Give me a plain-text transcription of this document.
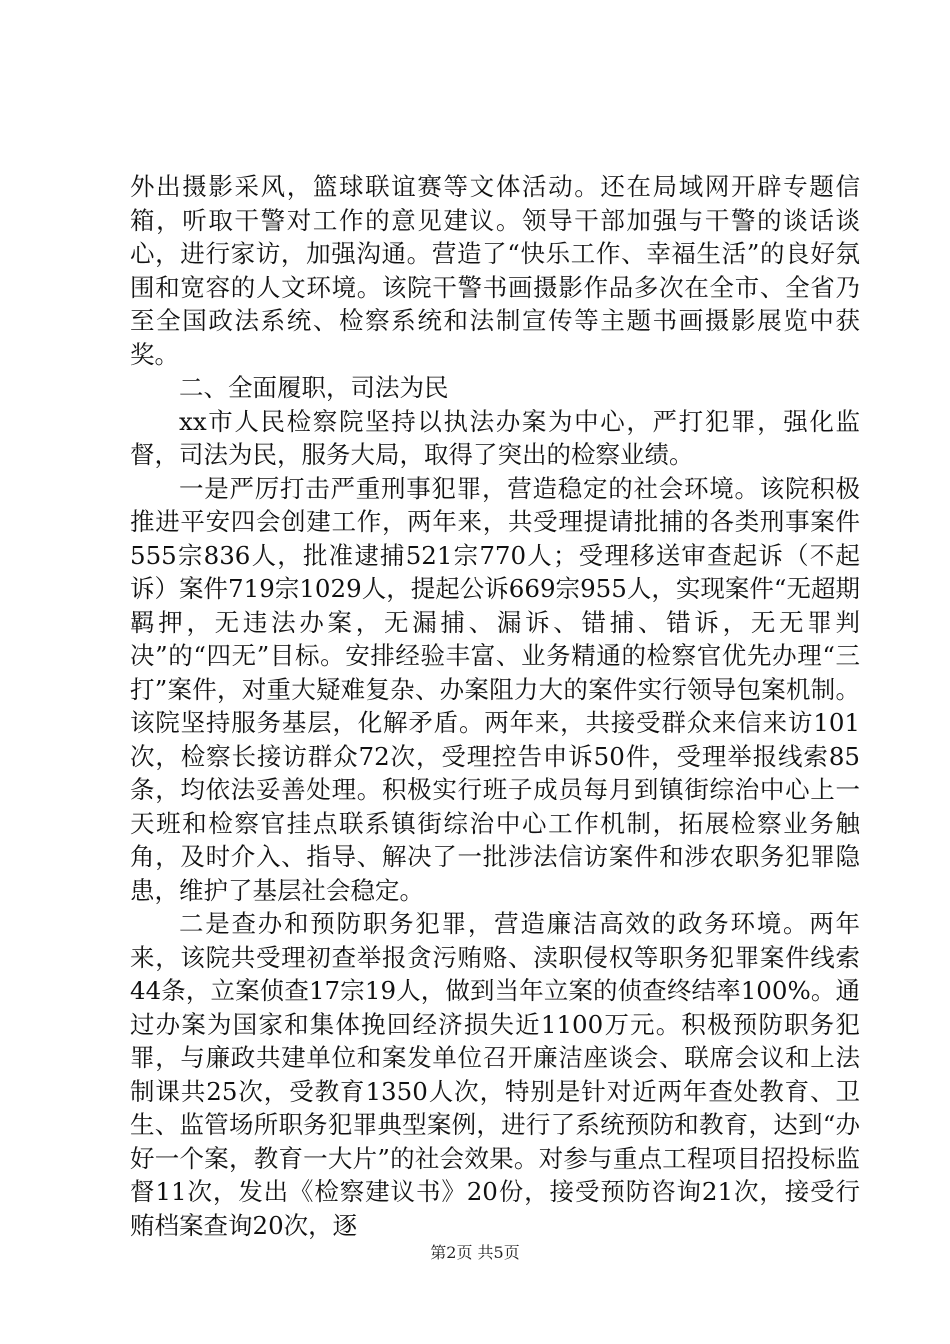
外出摄影采风，篮球联谊赛等文体活动。还在局域网开辟专题信箱，听取干警对工作的意见建议。领导干部加强与干警的谈话谈心，进行家访，加强沟通。营造了“快乐工作、幸福生活”的良好氛围和宽容的人文环境。该院干警书画摄影作品多次在全市、全省乃至全国政法系统、检察系统和法制宣传等主题书画摄影展览中获奖。

二、全面履职，司法为民

xx市人民检察院坚持以执法办案为中心，严打犯罪，强化监督，司法为民，服务大局，取得了突出的检察业绩。

一是严厉打击严重刑事犯罪，营造稳定的社会环境。该院积极推进平安四会创建工作，两年来，共受理提请批捕的各类刑事案件555宗836人，批准逮捕521宗770人；受理移送审查起诉（不起诉）案件719宗1029人，提起公诉669宗955人，实现案件“无超期羁押，无违法办案，无漏捕、漏诉、错捕、错诉，无无罪判决”的“四无”目标。安排经验丰富、业务精通的检察官优先办理“三打”案件，对重大疑难复杂、办案阻力大的案件实行领导包案机制。该院坚持服务基层，化解矛盾。两年来，共接受群众来信来访101次，检察长接访群众72次，受理控告申诉50件，受理举报线索85条，均依法妥善处理。积极实行班子成员每月到镇街综治中心上一天班和检察官挂点联系镇街综治中心工作机制，拓展检察业务触角，及时介入、指导、解决了一批涉法信访案件和涉农职务犯罪隐患，维护了基层社会稳定。

二是查办和预防职务犯罪，营造廉洁高效的政务环境。两年来，该院共受理初查举报贪污贿赂、渎职侵权等职务犯罪案件线索44条，立案侦查17宗19人，做到当年立案的侦查终结率100%。通过办案为国家和集体挽回经济损失近1100万元。积极预防职务犯罪，与廉政共建单位和案发单位召开廉洁座谈会、联席会议和上法制课共25次，受教育1350人次，特别是针对近两年查处教育、卫生、监管场所职务犯罪典型案例，进行了系统预防和教育，达到“办好一个案，教育一大片”的社会效果。对参与重点工程项目招投标监督11次，发出《检察建议书》20份，接受预防咨询21次，接受行贿档案查询20次，逐

第2页 共5页
